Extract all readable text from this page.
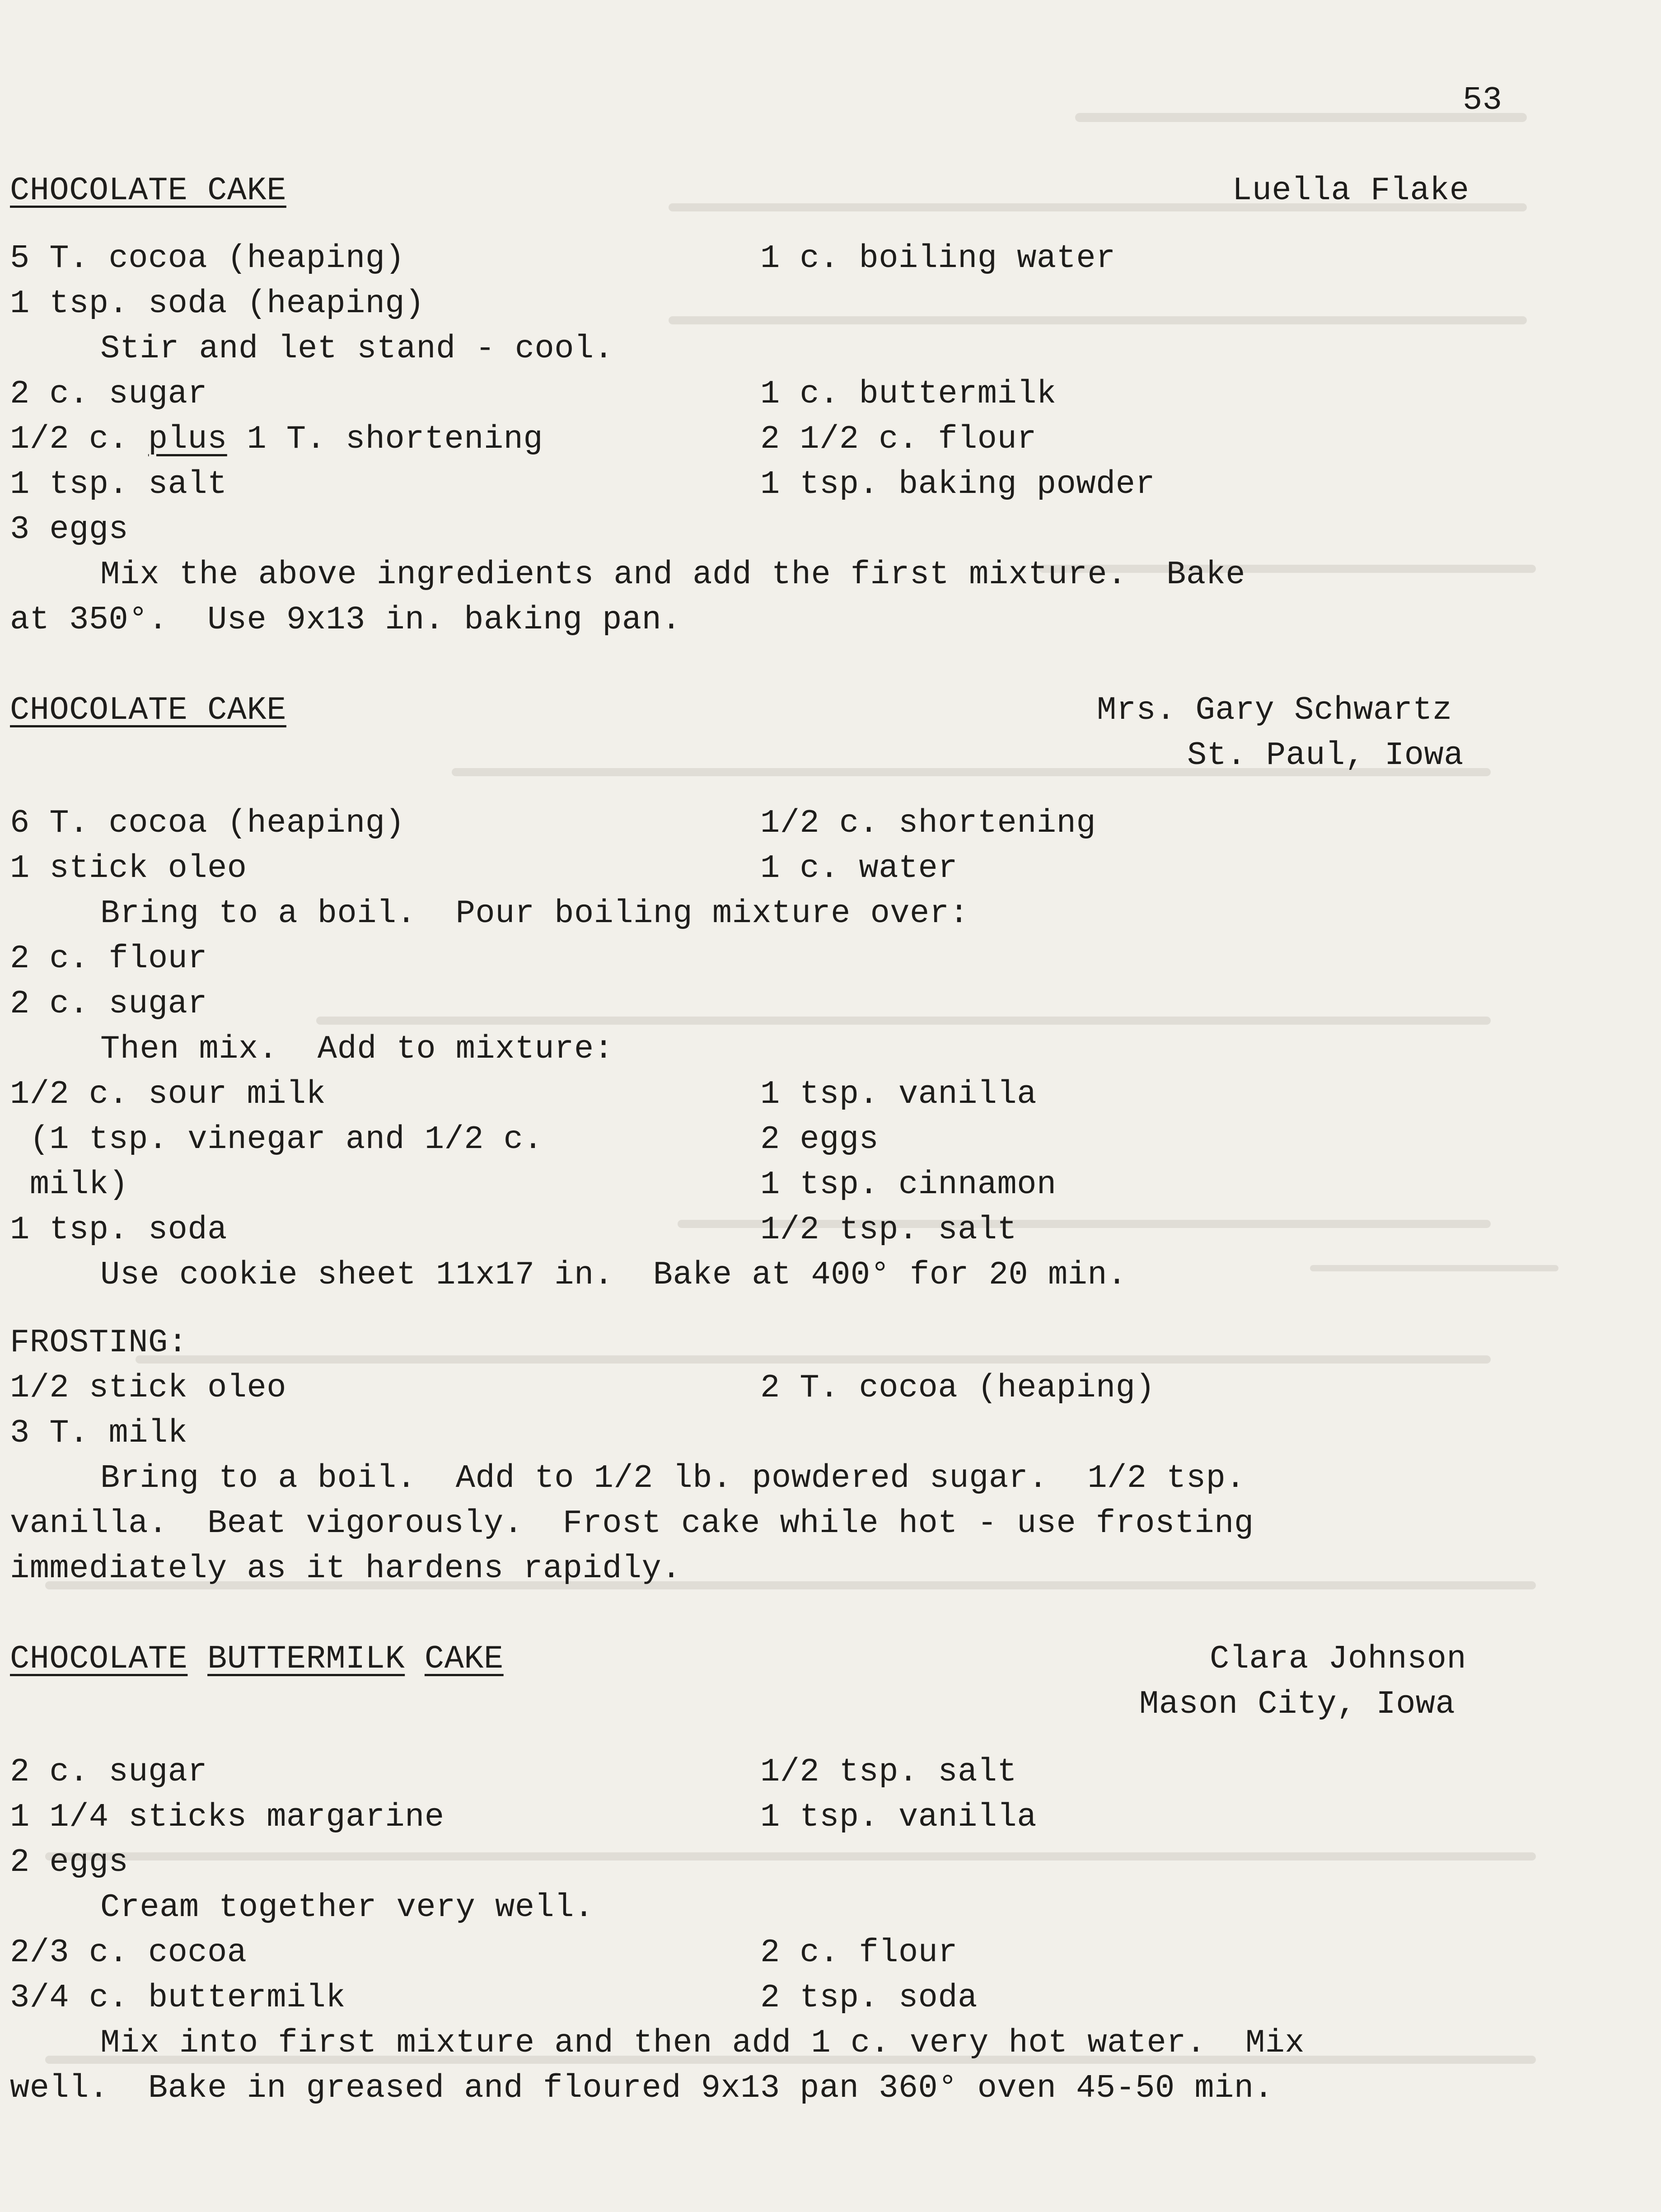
53
CHOCOLATE CAKE	Luella Flake
5 T. cocoa (heaping)	1 c. boiling water
1 tsp. soda (heaping)
Stir and let stand - cool.
2 c. sugar	1 c. buttermilk
1/2 c. plus 1 T. shortening	2 1/2 c. flour
1 tsp. salt	1 tsp. baking powder
3 eggs
Mix the above ingredients and add the first mixture.  Bake
at 350°.  Use 9x13 in. baking pan.
CHOCOLATE CAKE	Mrs. Gary Schwartz
St. Paul, Iowa
6 T. cocoa (heaping)	1/2 c. shortening
1 stick oleo	1 c. water
Bring to a boil.  Pour boiling mixture over:
2 c. flour
2 c. sugar
Then mix.  Add to mixture:
1/2 c. sour milk	1 tsp. vanilla
(1 tsp. vinegar and 1/2 c.	2 eggs
milk)	1 tsp. cinnamon
1 tsp. soda	1/2 tsp. salt
Use cookie sheet 11x17 in.  Bake at 400° for 20 min.
FROSTING:
1/2 stick oleo	2 T. cocoa (heaping)
3 T. milk
Bring to a boil.  Add to 1/2 lb. powdered sugar.  1/2 tsp.
vanilla.  Beat vigorously.  Frost cake while hot - use frosting
immediately as it hardens rapidly.
CHOCOLATE BUTTERMILK CAKE	Clara Johnson
Mason City, Iowa
2 c. sugar	1/2 tsp. salt
1 1/4 sticks margarine	1 tsp. vanilla
2 eggs
Cream together very well.
2/3 c. cocoa	2 c. flour
3/4 c. buttermilk	2 tsp. soda
Mix into first mixture and then add 1 c. very hot water.  Mix
well.  Bake in greased and floured 9x13 pan 360° oven 45-50 min.
